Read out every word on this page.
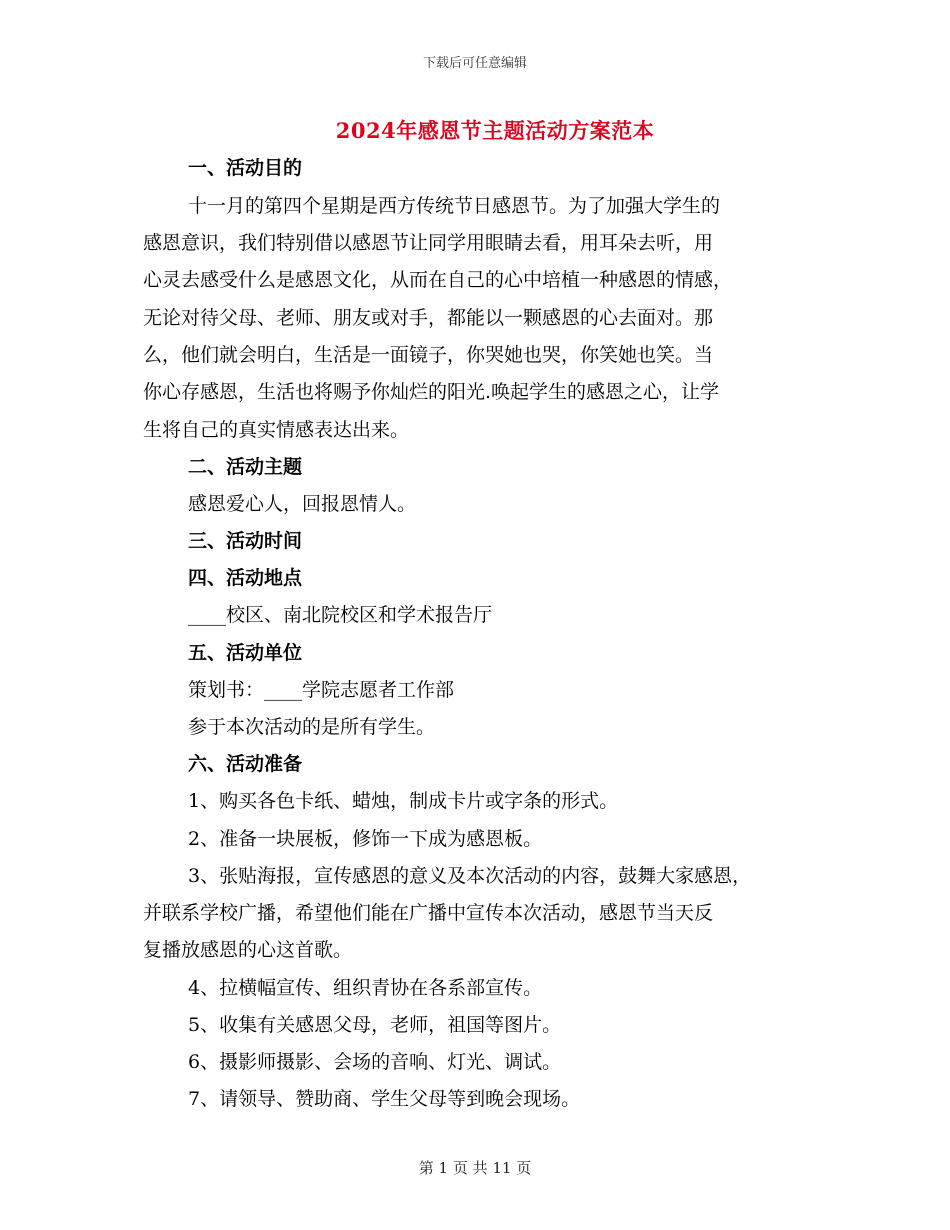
下载后可任意编辑
2024年感恩节主题活动方案范本
一、活动目的
十一月的第四个星期是西方传统节日感恩节。为了加强大学生的
感恩意识，我们特别借以感恩节让同学用眼睛去看，用耳朵去听，用
心灵去感受什么是感恩文化，从而在自己的心中培植一种感恩的情感，
无论对待父母、老师、朋友或对手，都能以一颗感恩的心去面对。那
么，他们就会明白，生活是一面镜子，你哭她也哭，你笑她也笑。当
你心存感恩，生活也将赐予你灿烂的阳光.唤起学生的感恩之心，让学
生将自己的真实情感表达出来。
二、活动主题
感恩爱心人，回报恩情人。
三、活动时间
四、活动地点
____校区、南北院校区和学术报告厅
五、活动单位
策划书：____学院志愿者工作部
参于本次活动的是所有学生。
六、活动准备
1、购买各色卡纸、蜡烛，制成卡片或字条的形式。
2、准备一块展板，修饰一下成为感恩板。
3、张贴海报，宣传感恩的意义及本次活动的内容，鼓舞大家感恩，
并联系学校广播，希望他们能在广播中宣传本次活动，感恩节当天反
复播放感恩的心这首歌。
4、拉横幅宣传、组织青协在各系部宣传。
5、收集有关感恩父母，老师，祖国等图片。
6、摄影师摄影、会场的音响、灯光、调试。
7、请领导、赞助商、学生父母等到晚会现场。
第 1 页 共 11 页
